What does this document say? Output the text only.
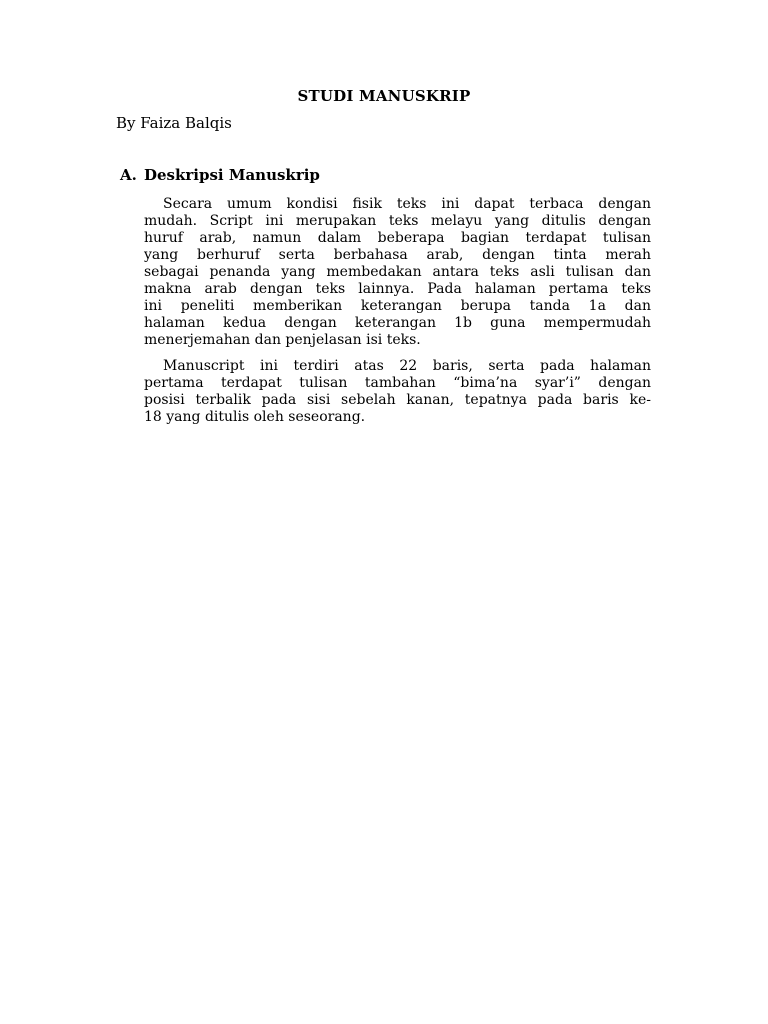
STUDI MANUSKRIP
By Faiza Balqis
A. Deskripsi Manuskrip
Secara umum kondisi fisik teks ini dapat terbaca dengan
mudah. Script ini merupakan teks melayu yang ditulis dengan
huruf arab, namun dalam beberapa bagian terdapat tulisan
yang berhuruf serta berbahasa arab, dengan tinta merah
sebagai penanda yang membedakan antara teks asli tulisan dan
makna arab dengan teks lainnya. Pada halaman pertama teks
ini peneliti memberikan keterangan berupa tanda 1a dan
halaman kedua dengan keterangan 1b guna mempermudah
menerjemahan dan penjelasan isi teks.
Manuscript ini terdiri atas 22 baris, serta pada halaman
pertama terdapat tulisan tambahan “bima’na syar’i” dengan
posisi terbalik pada sisi sebelah kanan, tepatnya pada baris ke-
18 yang ditulis oleh seseorang.
